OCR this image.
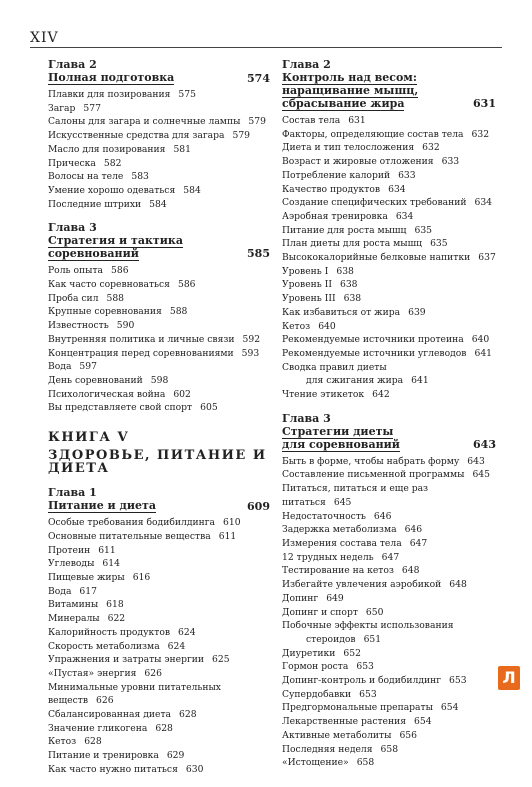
XIV
Глава 2
Полная подготовка	574
Плавки для позирования 575
Загар 577
Салоны для загара и солнечные лампы 579
Искусственные средства для загара 579
Масло для позирования 581
Прическа 582
Волосы на теле 583
Умение хорошо одеваться 584
Последние штрихи 584
Глава 3
Стратегия и тактика
соревнований	585
Роль опыта 586
Как часто соревноваться 586
Проба сил 588
Крупные соревнования 588
Известность 590
Внутренняя политика и личные связи 592
Концентрация перед соревнованиями 593
Вода 597
День соревнований 598
Психологическая война 602
Вы представляете свой спорт 605
КНИГА V
ЗДОРОВЬЕ, ПИТАНИЕ И ДИЕТА
Глава 1
Питание и диета	609
Особые требования бодибилдинга 610
Основные питательные вещества 611
Протеин 611
Углеводы 614
Пищевые жиры 616
Вода 617
Витамины 618
Минералы 622
Калорийность продуктов 624
Скорость метаболизма 624
Упражнения и затраты энергии 625
«Пустая» энергия 626
Минимальные уровни питательных веществ 626
Сбалансированная диета 628
Значение гликогена 628
Кетоз 628
Питание и тренировка 629
Как часто нужно питаться 630
Глава 2
Контроль над весом:
наращивание мышц,
сбрасывание жира	631
Состав тела 631
Факторы, определяющие состав тела 632
Диета и тип телосложения 632
Возраст и жировые отложения 633
Потребление калорий 633
Качество продуктов 634
Создание специфических требований 634
Аэробная тренировка 634
Питание для роста мышц 635
План диеты для роста мышц 635
Высококалорийные белковые напитки 637
Уровень I 638
Уровень II 638
Уровень III 638
Как избавиться от жира 639
Кетоз 640
Рекомендуемые источники протеина 640
Рекомендуемые источники углеводов 641
Сводка правил диеты
для сжигания жира 641
Чтение этикеток 642
Глава 3
Стратегии диеты
для соревнований	643
Быть в форме, чтобы набрать форму 643
Составление письменной программы 645
Питаться, питаться и еще раз питаться 645
Недостаточность 646
Задержка метаболизма 646
Измерения состава тела 647
12 трудных недель 647
Тестирование на кетоз 648
Избегайте увлечения аэробикой 648
Допинг 649
Допинг и спорт 650
Побочные эффекты использования
стероидов 651
Диуретики 652
Гормон роста 653
Допинг-контроль и бодибилдинг 653
Супердобавки 653
Предгормональные препараты 654
Лекарственные растения 654
Активные метаболиты 656
Последняя неделя 658
«Истощение» 658
Л
